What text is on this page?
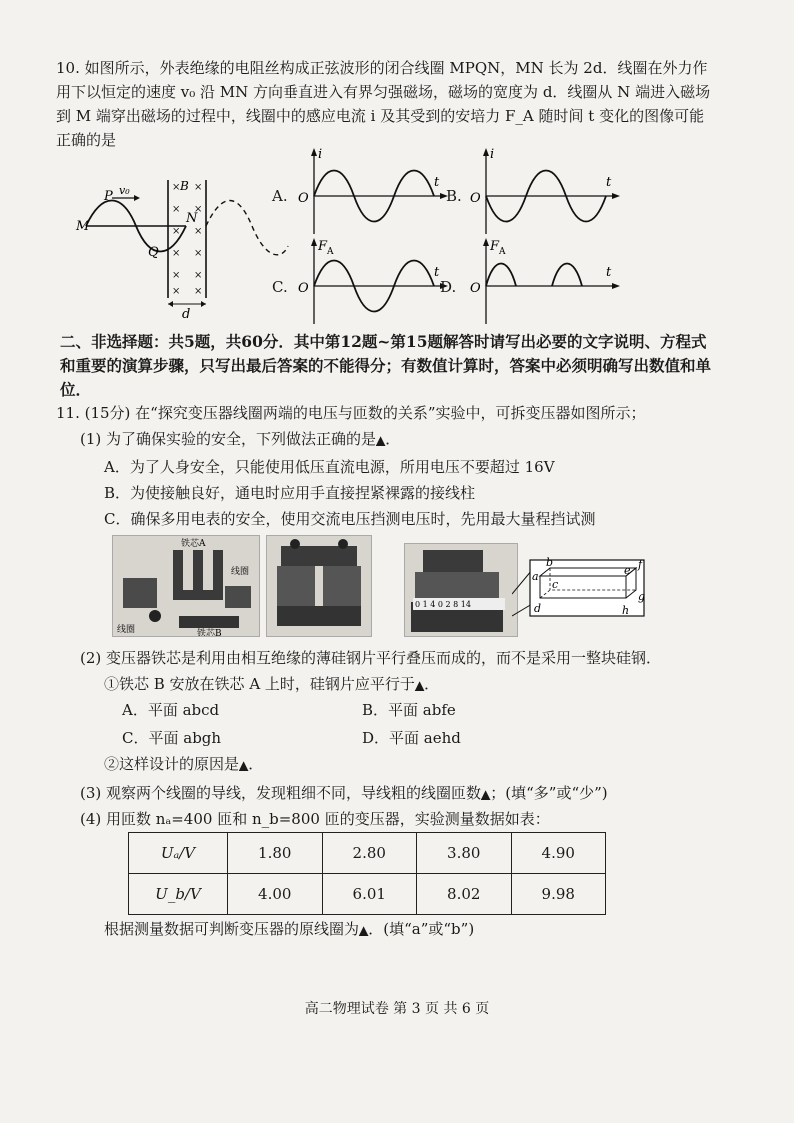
10. 如图所示，外表绝缘的电阻丝构成正弦波形的闭合线圈 MPQN，MN 长为 2d．线圈在外力作用下以恒定的速度 v₀ 沿 MN 方向垂直进入有界匀强磁场，磁场的宽度为 d．线圈从 N 端进入磁场到 M 端穿出磁场的过程中，线圈中的感应电流 i 及其受到的安培力 F_A 随时间 t 变化的图像可能正确的是
M
P v₀
N
Q
× ×
× ×
× ×
× ×
× ×
× ×
B
d
A.
i
t
O	B.
i
t
O
C.
F A
t
O	D.
F A
t
O
二、非选择题：共5题，共60分．其中第12题~第15题解答时请写出必要的文字说明、方程式和重要的演算步骤，只写出最后答案的不能得分；有数值计算时，答案中必须明确写出数值和单位．
11. (15分) 在“探究变压器线圈两端的电压与匝数的关系”实验中，可拆变压器如图所示；
(1) 为了确保实验的安全，下列做法正确的是▲．
A．为了人身安全，只能使用低压直流电源，所用电压不要超过 16V
B．为使接触良好，通电时应用手直接捏紧裸露的接线柱
C．确保多用电表的安全，使用交流电压挡测电压时，先用最大量程挡试测
铁芯A
线圈
线圈	铁芯B
0 1 4 0 2 8 14
a
b
c
d
e f
g
h
(2) 变压器铁芯是利用由相互绝缘的薄硅钢片平行叠压而成的，而不是采用一整块硅钢．
①铁芯 B 安放在铁芯 A 上时，硅钢片应平行于▲．
A．平面 abcd	B．平面 abfe
C．平面 abgh	D．平面 aehd
②这样设计的原因是▲．
(3) 观察两个线圈的导线，发现粗细不同，导线粗的线圈匝数▲；(填“多”或“少”)
(4) 用匝数 nₐ=400 匝和 n_b=800 匝的变压器，实验测量数据如表：
Uₐ/V	1.80	2.80	3.80	4.90
U_b/V	4.00	6.01	8.02	9.98
根据测量数据可判断变压器的原线圈为▲．(填“a”或“b”)
高二物理试卷 第 3 页 共 6 页
